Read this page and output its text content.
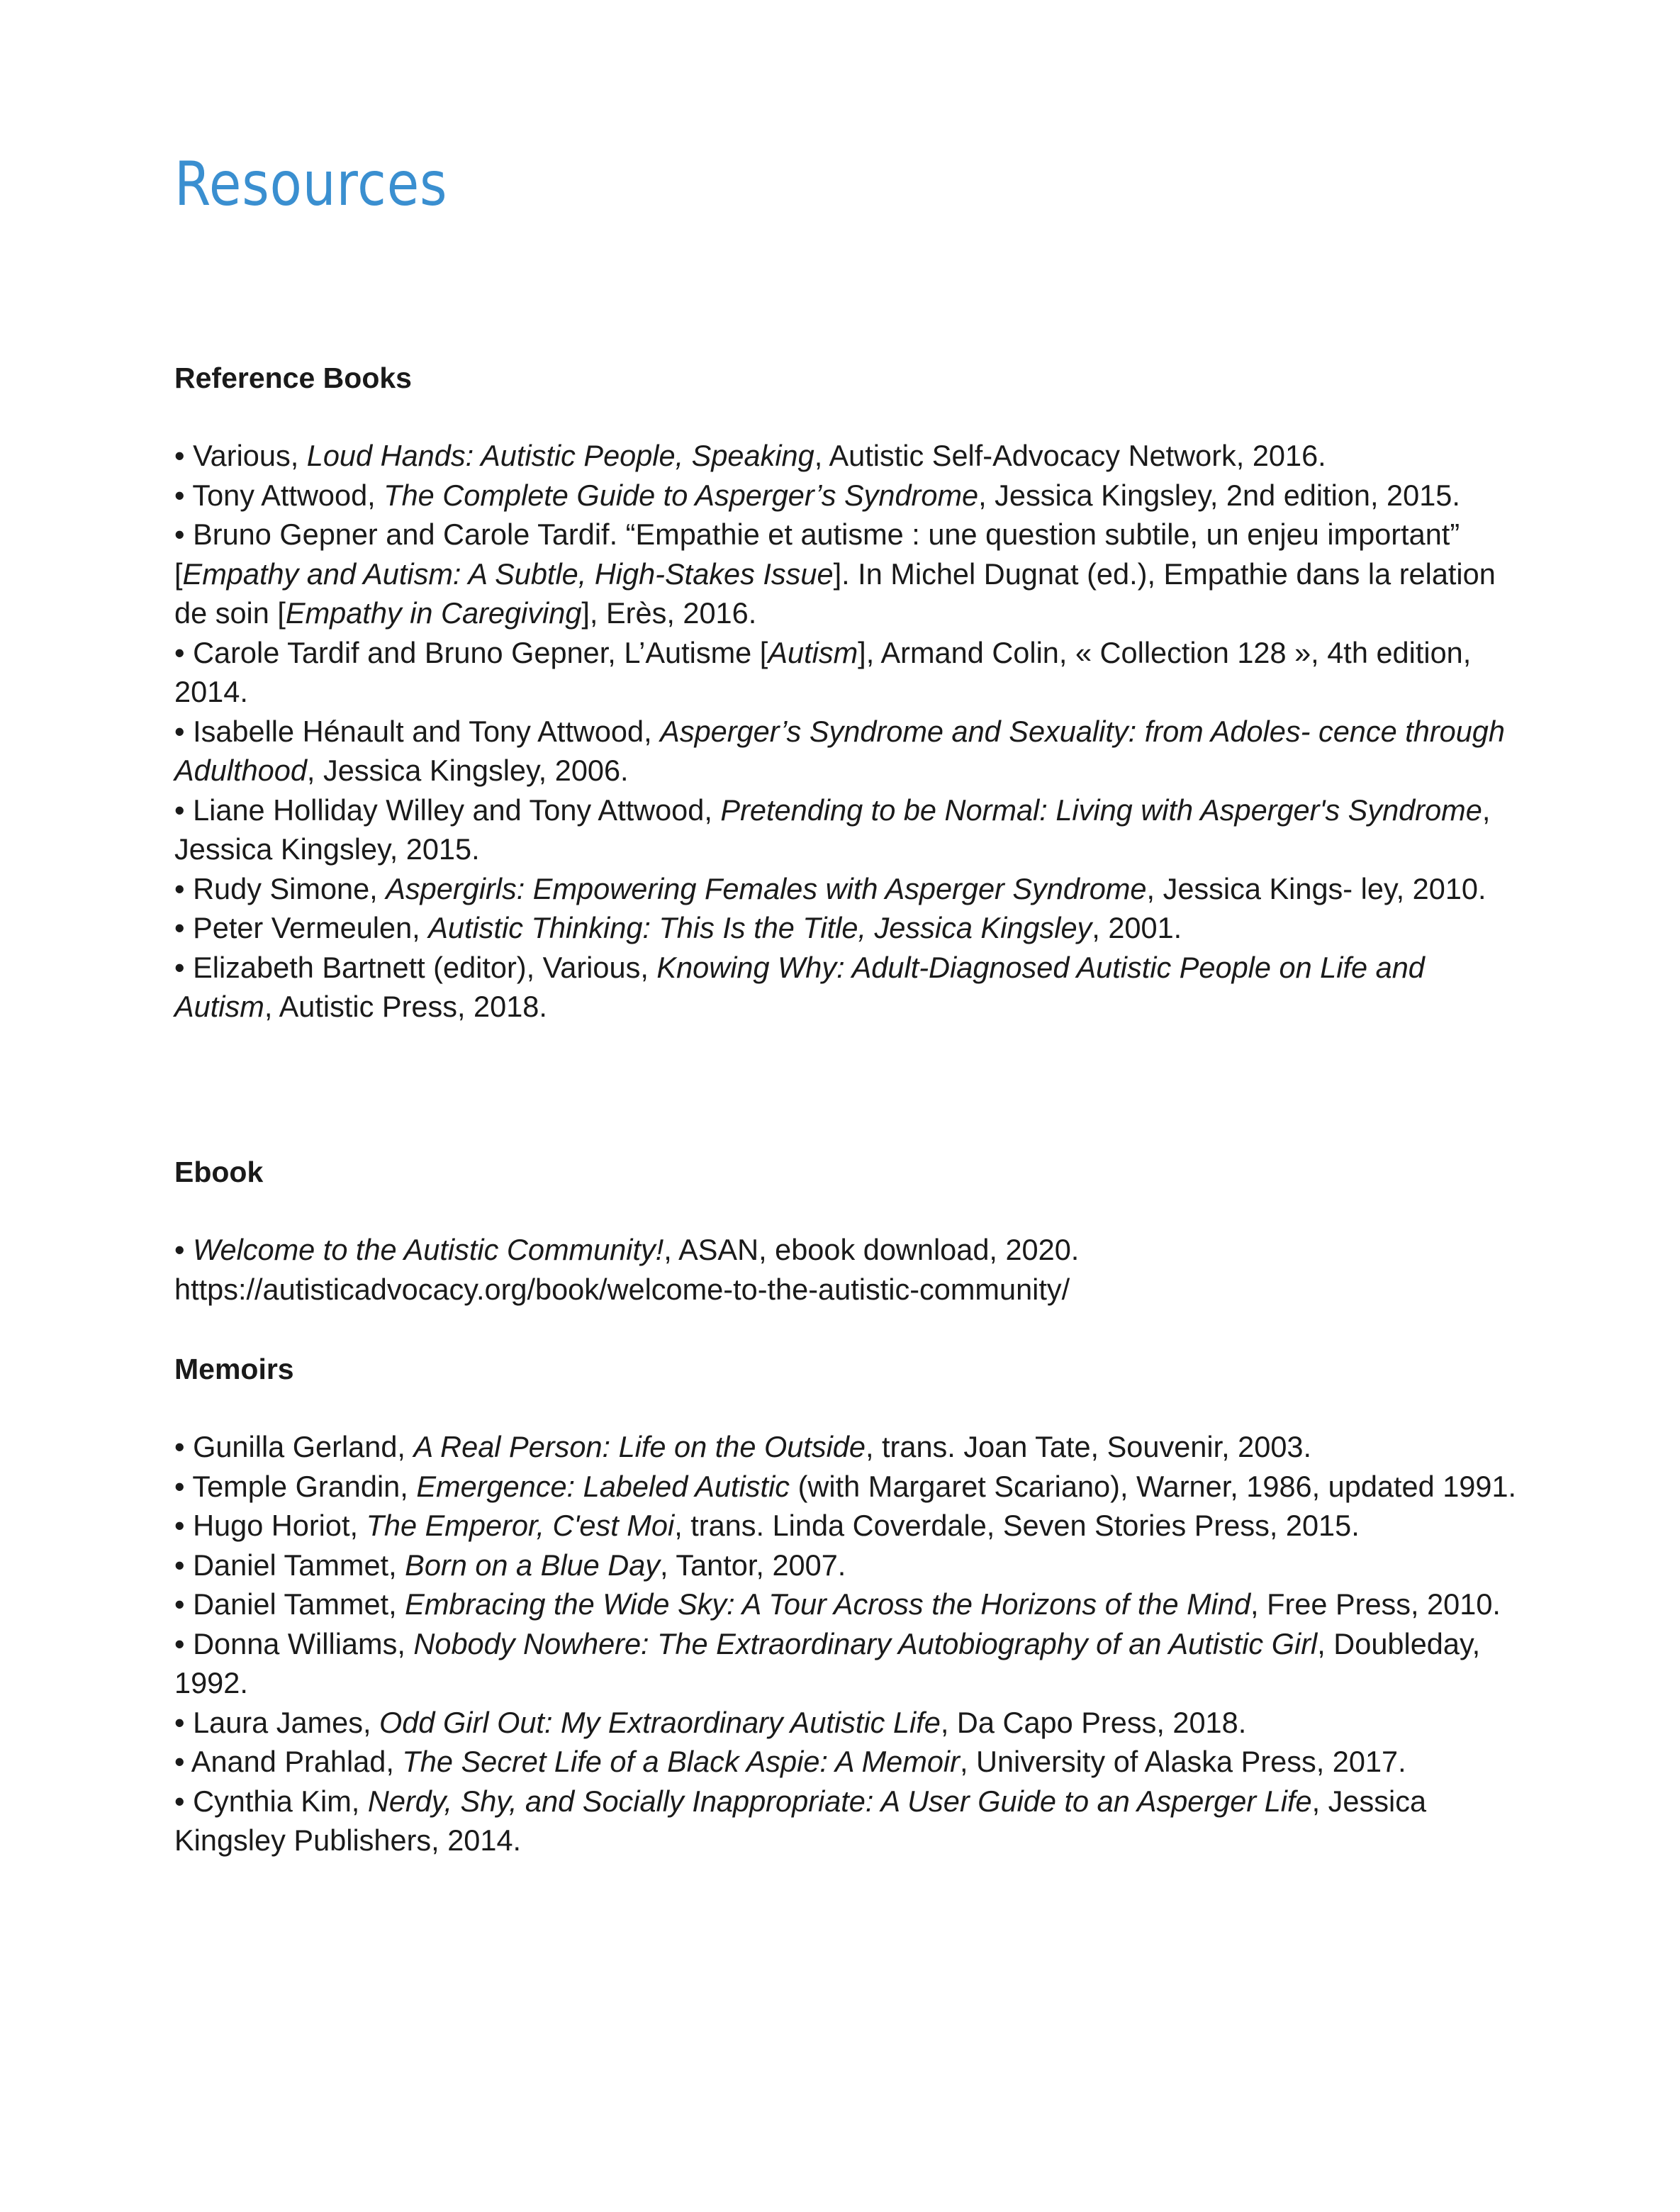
Resources
Reference Books
• Various, Loud Hands: Autistic People, Speaking, Autistic Self-Advocacy Network, 2016.
• Tony Attwood, The Complete Guide to Asperger’s Syndrome, Jessica Kingsley, 2nd edition, 2015.
• Bruno Gepner and Carole Tardif. “Empathie et autisme : une question subtile, un enjeu important” [Empathy and Autism: A Subtle, High-Stakes Issue]. In Michel Dugnat (ed.), Empathie dans la relation de soin [Empathy in Caregiving], Erès, 2016.
• Carole Tardif and Bruno Gepner, L’Autisme [Autism], Armand Colin, « Collection 128 », 4th edition, 2014.
• Isabelle Hénault and Tony Attwood, Asperger’s Syndrome and Sexuality: from Adoles- cence through Adulthood, Jessica Kingsley, 2006.
• Liane Holliday Willey and Tony Attwood, Pretending to be Normal: Living with Asperger's Syndrome, Jessica Kingsley, 2015.
• Rudy Simone, Aspergirls: Empowering Females with Asperger Syndrome, Jessica Kings- ley, 2010.
• Peter Vermeulen, Autistic Thinking: This Is the Title, Jessica Kingsley, 2001.
• Elizabeth Bartnett (editor), Various, Knowing Why: Adult-Diagnosed Autistic People on Life and Autism, Autistic Press, 2018.
Ebook
• Welcome to the Autistic Community!, ASAN, ebook download, 2020.
https://autisticadvocacy.org/book/welcome-to-the-autistic-community/
Memoirs
• Gunilla Gerland, A Real Person: Life on the Outside, trans. Joan Tate, Souvenir, 2003.
• Temple Grandin, Emergence: Labeled Autistic (with Margaret Scariano), Warner, 1986, updated 1991.
• Hugo Horiot, The Emperor, C'est Moi, trans. Linda Coverdale, Seven Stories Press, 2015.
• Daniel Tammet, Born on a Blue Day, Tantor, 2007.
• Daniel Tammet, Embracing the Wide Sky: A Tour Across the Horizons of the Mind, Free Press, 2010.
• Donna Williams, Nobody Nowhere: The Extraordinary Autobiography of an Autistic Girl, Doubleday, 1992.
• Laura James, Odd Girl Out: My Extraordinary Autistic Life, Da Capo Press, 2018.
• Anand Prahlad, The Secret Life of a Black Aspie: A Memoir, University of Alaska Press, 2017.
• Cynthia Kim, Nerdy, Shy, and Socially Inappropriate: A User Guide to an Asperger Life, Jessica Kingsley Publishers, 2014.
